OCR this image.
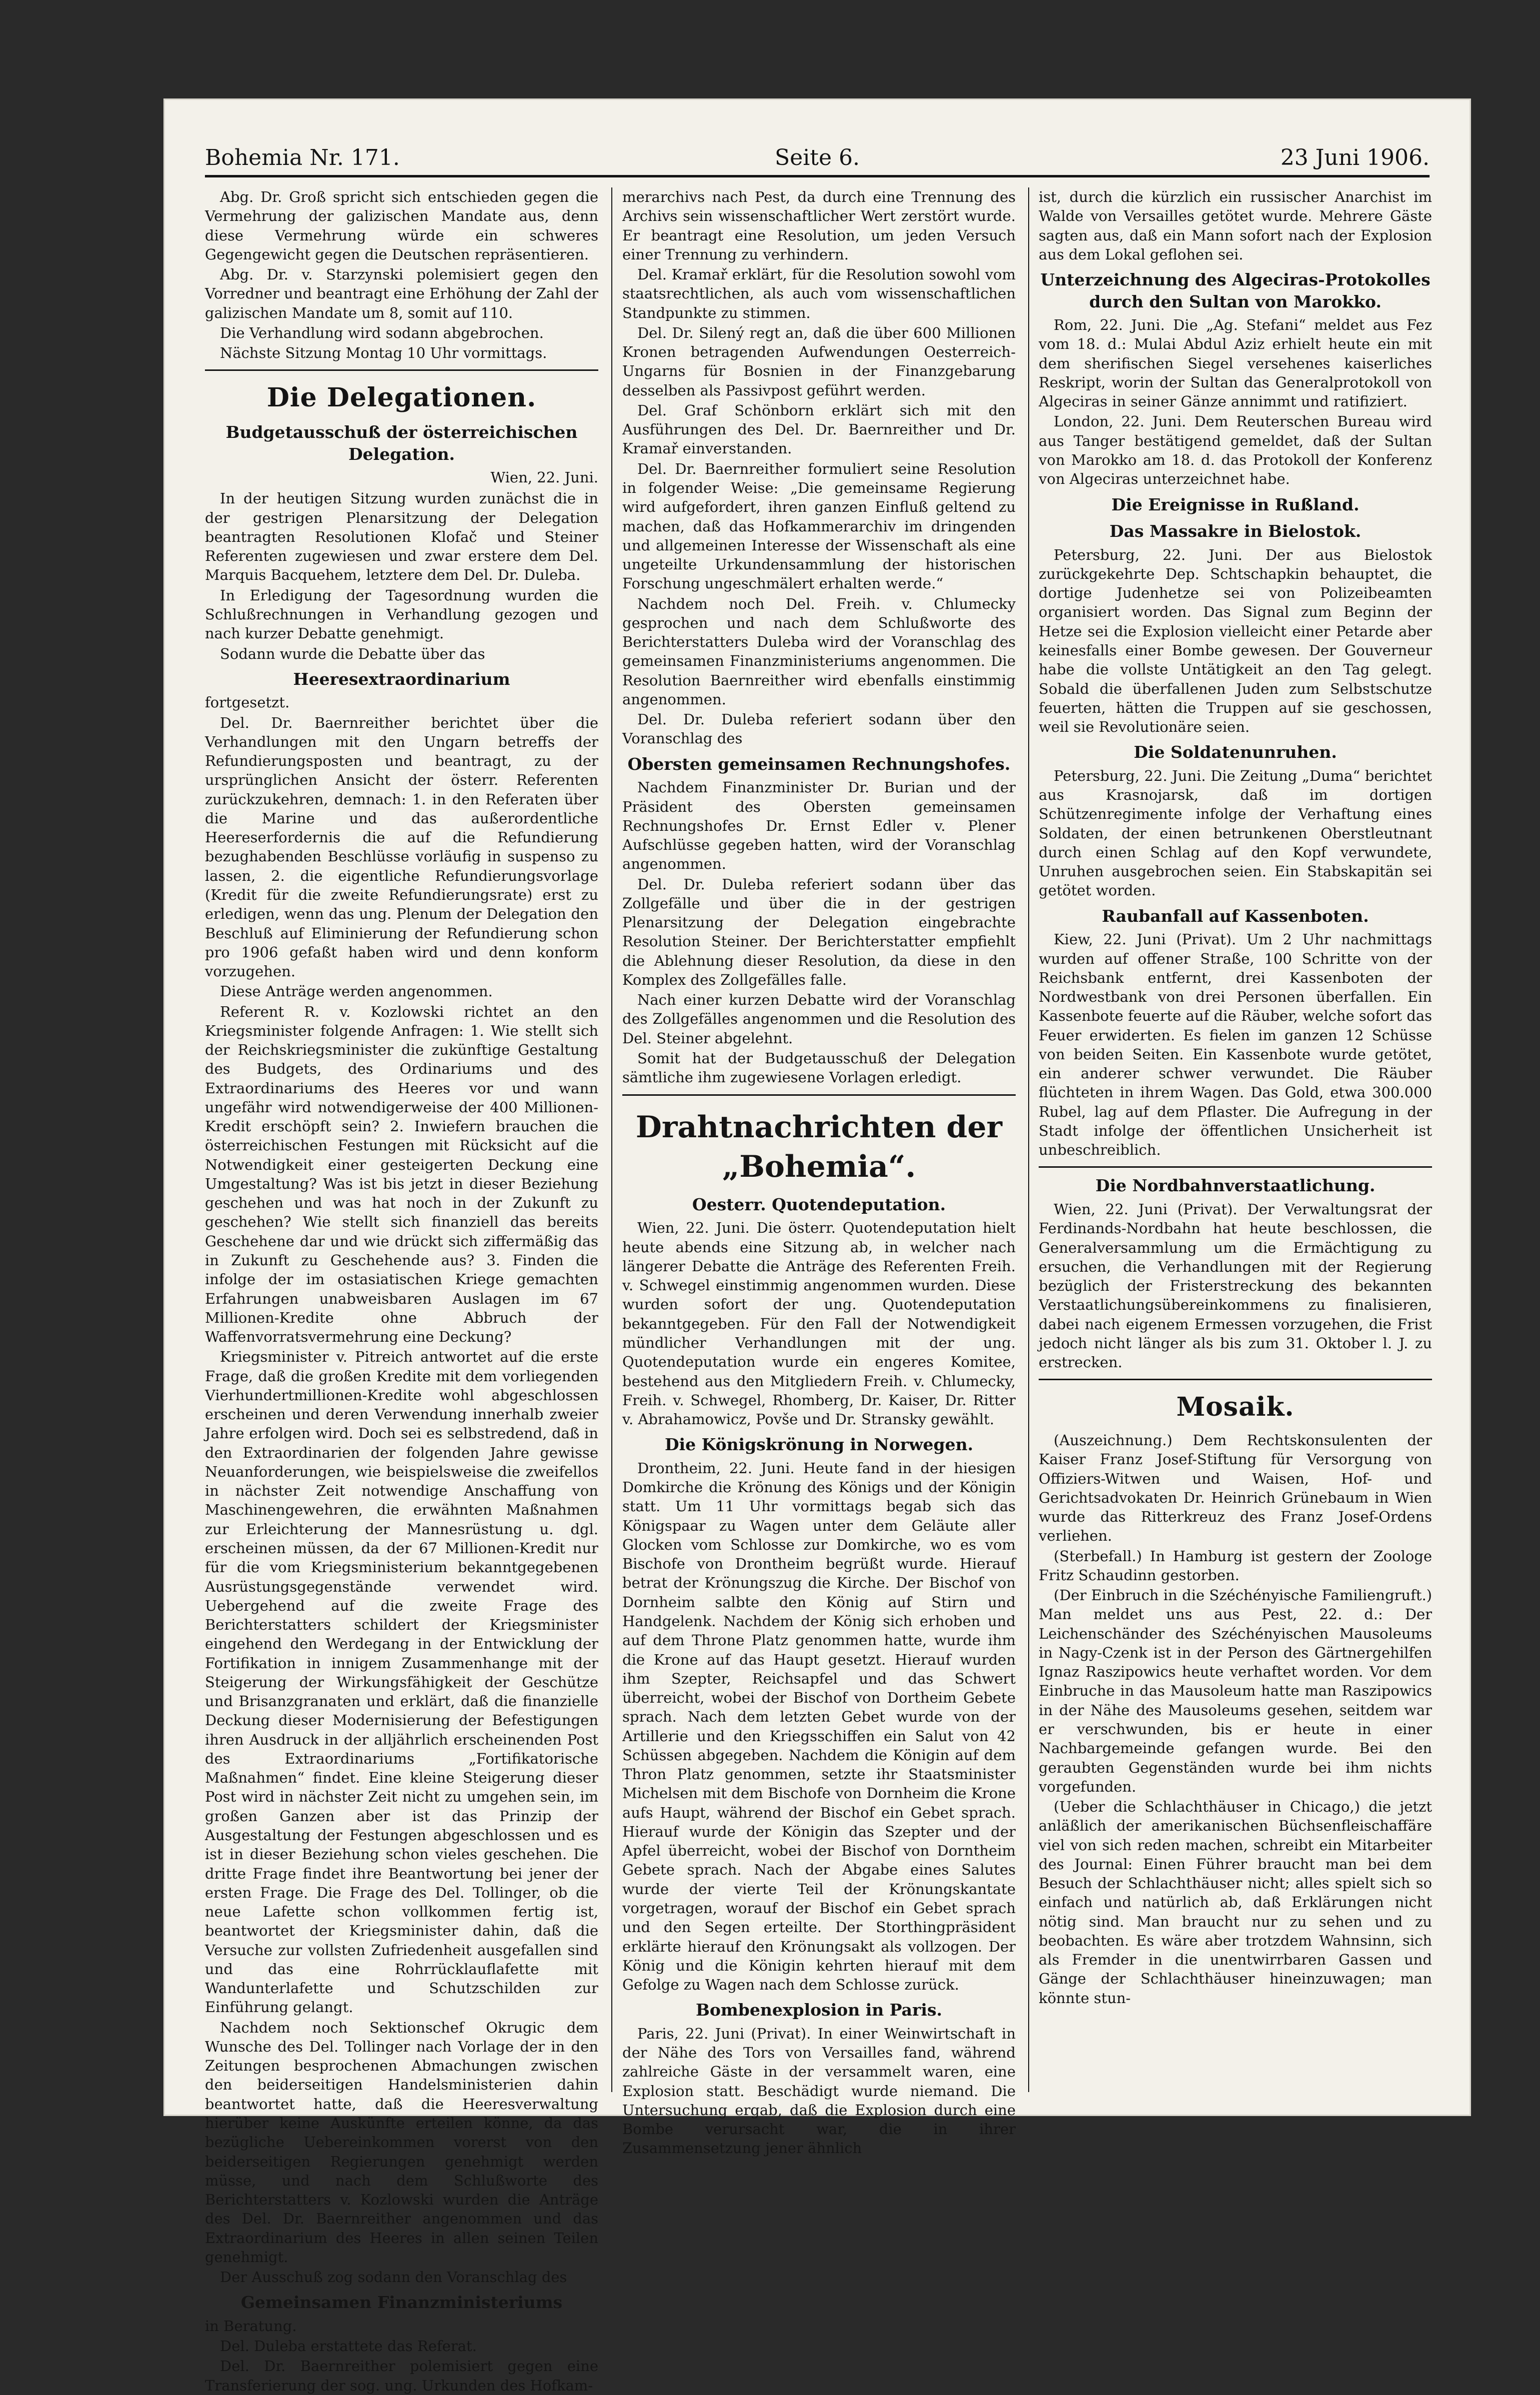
Bohemia Nr. 171.	Seite 6.	23 Juni 1906.

Abg. Dr. Groß spricht sich entschieden gegen die Vermehrung der galizischen Mandate aus, denn diese Vermehrung würde ein schweres Gegengewicht gegen die Deutschen repräsentieren.

Abg. Dr. v. Starzynski polemisiert gegen den Vorredner und beantragt eine Erhöhung der Zahl der galizischen Mandate um 8, somit auf 110.

Die Verhandlung wird sodann abgebrochen.

Nächste Sitzung Montag 10 Uhr vormittags.

Die Delegationen.
Budgetausschuß der österreichischen Delegation.
Wien, 22. Juni.

In der heutigen Sitzung wurden zunächst die in der gestrigen Plenarsitzung der Delegation beantragten Resolutionen Klofač und Steiner Referenten zugewiesen und zwar erstere dem Del. Marquis Bacquehem, letztere dem Del. Dr. Duleba.

In Erledigung der Tagesordnung wurden die Schlußrechnungen in Verhandlung gezogen und nach kurzer Debatte genehmigt.

Sodann wurde die Debatte über das

Heeresextraordinarium

fortgesetzt.

Del. Dr. Baernreither berichtet über die Verhandlungen mit den Ungarn betreffs der Refundierungsposten und beantragt, zu der ursprünglichen Ansicht der österr. Referenten zurückzukehren, demnach: 1. in den Referaten über die Marine und das außerordentliche Heereserfordernis die auf die Refundierung bezughabenden Beschlüsse vorläufig in suspenso zu lassen, 2. die eigentliche Refundierungsvorlage (Kredit für die zweite Refundierungsrate) erst zu erledigen, wenn das ung. Plenum der Delegation den Beschluß auf Eliminierung der Refundierung schon pro 1906 gefaßt haben wird und denn konform vorzugehen.

Diese Anträge werden angenommen.

Referent R. v. Kozlowski richtet an den Kriegsminister folgende Anfragen: 1. Wie stellt sich der Reichskriegsminister die zukünftige Gestaltung des Budgets, des Ordinariums und des Extraordinariums des Heeres vor und wann ungefähr wird notwendigerweise der 400 Millionen-Kredit erschöpft sein? 2. Inwiefern brauchen die österreichischen Festungen mit Rücksicht auf die Notwendigkeit einer gesteigerten Deckung eine Umgestaltung? Was ist bis jetzt in dieser Beziehung geschehen und was hat noch in der Zukunft zu geschehen? Wie stellt sich finanziell das bereits Geschehene dar und wie drückt sich ziffermäßig das in Zukunft zu Geschehende aus? 3. Finden die infolge der im ostasiatischen Kriege gemachten Erfahrungen unabweisbaren Auslagen im 67 Millionen-Kredite ohne Abbruch der Waffenvorratsvermehrung eine Deckung?

Kriegsminister v. Pitreich antwortet auf die erste Frage, daß die großen Kredite mit dem vorliegenden Vierhundertmillionen-Kredite wohl abgeschlossen erscheinen und deren Verwendung innerhalb zweier Jahre erfolgen wird. Doch sei es selbstredend, daß in den Extraordinarien der folgenden Jahre gewisse Neuanforderungen, wie beispielsweise die zweifellos in nächster Zeit notwendige Anschaffung von Maschinengewehren, die erwähnten Maßnahmen zur Erleichterung der Mannesrüstung u. dgl. erscheinen müssen, da der 67 Millionen-Kredit nur für die vom Kriegsministerium bekanntgegebenen Ausrüstungsgegenstände verwendet wird. Uebergehend auf die zweite Frage des Berichterstatters schildert der Kriegsminister eingehend den Werdegang in der Entwicklung der Fortifikation in innigem Zusammenhange mit der Steigerung der Wirkungsfähigkeit der Geschütze und Brisanzgranaten und erklärt, daß die finanzielle Deckung dieser Modernisierung der Befestigungen ihren Ausdruck in der alljährlich erscheinenden Post des Extraordinariums „Fortifikatorische Maßnahmen“ findet. Eine kleine Steigerung dieser Post wird in nächster Zeit nicht zu umgehen sein, im großen Ganzen aber ist das Prinzip der Ausgestaltung der Festungen abgeschlossen und es ist in dieser Beziehung schon vieles geschehen. Die dritte Frage findet ihre Beantwortung bei jener der ersten Frage. Die Frage des Del. Tollinger, ob die neue Lafette schon vollkommen fertig ist, beantwortet der Kriegsminister dahin, daß die Versuche zur vollsten Zufriedenheit ausgefallen sind und das eine Rohrrücklauflafette mit Wandunterlafette und Schutzschilden zur Einführung gelangt.

Nachdem noch Sektionschef Okrugic dem Wunsche des Del. Tollinger nach Vorlage der in den Zeitungen besprochenen Abmachungen zwischen den beiderseitigen Handelsministerien dahin beantwortet hatte, daß die Heeresverwaltung hierüber keine Auskünfte erteilen könne, da das bezügliche Uebereinkommen vorerst von den beiderseitigen Regierungen genehmigt werden müsse, und nach dem Schlußworte des Berichterstatters v. Kozlowski wurden die Anträge des Del. Dr. Baernreither angenommen und das Extraordinarium des Heeres in allen seinen Teilen genehmigt.

Der Ausschuß zog sodann den Voranschlag des

Gemeinsamen Finanzministeriums

in Beratung.

Del. Duleba erstattete das Referat.

Del. Dr. Baernreither polemisiert gegen eine Transferierung der sog. ung. Urkunden des Hofkam-

merarchivs nach Pest, da durch eine Trennung des Archivs sein wissenschaftlicher Wert zerstört wurde. Er beantragt eine Resolution, um jeden Versuch einer Trennung zu verhindern.

Del. Kramař erklärt, für die Resolution sowohl vom staatsrechtlichen, als auch vom wissenschaftlichen Standpunkte zu stimmen.

Del. Dr. Silený regt an, daß die über 600 Millionen Kronen betragenden Aufwendungen Oesterreich-Ungarns für Bosnien in der Finanzgebarung desselben als Passivpost geführt werden.

Del. Graf Schönborn erklärt sich mit den Ausführungen des Del. Dr. Baernreither und Dr. Kramař einverstanden.

Del. Dr. Baernreither formuliert seine Resolution in folgender Weise: „Die gemeinsame Regierung wird aufgefordert, ihren ganzen Einfluß geltend zu machen, daß das Hofkammerarchiv im dringenden und allgemeinen Interesse der Wissenschaft als eine ungeteilte Urkundensammlung der historischen Forschung ungeschmälert erhalten werde.“

Nachdem noch Del. Freih. v. Chlumecky gesprochen und nach dem Schlußworte des Berichterstatters Duleba wird der Voranschlag des gemeinsamen Finanzministeriums angenommen. Die Resolution Baernreither wird ebenfalls einstimmig angenommen.

Del. Dr. Duleba referiert sodann über den Voranschlag des

Obersten gemeinsamen Rechnungshofes.

Nachdem Finanzminister Dr. Burian und der Präsident des Obersten gemeinsamen Rechnungshofes Dr. Ernst Edler v. Plener Aufschlüsse gegeben hatten, wird der Voranschlag angenommen.

Del. Dr. Duleba referiert sodann über das Zollgefälle und über die in der gestrigen Plenarsitzung der Delegation eingebrachte Resolution Steiner. Der Berichterstatter empfiehlt die Ablehnung dieser Resolution, da diese in den Komplex des Zollgefälles falle.

Nach einer kurzen Debatte wird der Voranschlag des Zollgefälles angenommen und die Resolution des Del. Steiner abgelehnt.

Somit hat der Budgetausschuß der Delegation sämtliche ihm zugewiesene Vorlagen erledigt.

Drahtnachrichten der „Bohemia“.
Oesterr. Quotendeputation.

Wien, 22. Juni. Die österr. Quotendeputation hielt heute abends eine Sitzung ab, in welcher nach längerer Debatte die Anträge des Referenten Freih. v. Schwegel einstimmig angenommen wurden. Diese wurden sofort der ung. Quotendeputation bekanntgegeben. Für den Fall der Notwendigkeit mündlicher Verhandlungen mit der ung. Quotendeputation wurde ein engeres Komitee, bestehend aus den Mitgliedern Freih. v. Chlumecky, Freih. v. Schwegel, Rhomberg, Dr. Kaiser, Dr. Ritter v. Abrahamowicz, Povše und Dr. Stransky gewählt.

Die Königskrönung in Norwegen.

Drontheim, 22. Juni. Heute fand in der hiesigen Domkirche die Krönung des Königs und der Königin statt. Um 11 Uhr vormittags begab sich das Königspaar zu Wagen unter dem Geläute aller Glocken vom Schlosse zur Domkirche, wo es vom Bischofe von Drontheim begrüßt wurde. Hierauf betrat der Krönungszug die Kirche. Der Bischof von Dornheim salbte den König auf Stirn und Handgelenk. Nachdem der König sich erhoben und auf dem Throne Platz genommen hatte, wurde ihm die Krone auf das Haupt gesetzt. Hierauf wurden ihm Szepter, Reichsapfel und das Schwert überreicht, wobei der Bischof von Dortheim Gebete sprach. Nach dem letzten Gebet wurde von der Artillerie und den Kriegsschiffen ein Salut von 42 Schüssen abgegeben. Nachdem die Königin auf dem Thron Platz genommen, setzte ihr Staatsminister Michelsen mit dem Bischofe von Dornheim die Krone aufs Haupt, während der Bischof ein Gebet sprach. Hierauf wurde der Königin das Szepter und der Apfel überreicht, wobei der Bischof von Dorntheim Gebete sprach. Nach der Abgabe eines Salutes wurde der vierte Teil der Krönungskantate vorgetragen, worauf der Bischof ein Gebet sprach und den Segen erteilte. Der Storthingpräsident erklärte hierauf den Krönungsakt als vollzogen. Der König und die Königin kehrten hierauf mit dem Gefolge zu Wagen nach dem Schlosse zurück.

Bombenexplosion in Paris.

Paris, 22. Juni (Privat). In einer Weinwirtschaft in der Nähe des Tors von Versailles fand, während zahlreiche Gäste in der versammelt waren, eine Explosion statt. Beschädigt wurde niemand. Die Untersuchung ergab, daß die Explosion durch eine Bombe verursacht war, die in ihrer Zusammensetzung jener ähnlich

ist, durch die kürzlich ein russischer Anarchist im Walde von Versailles getötet wurde. Mehrere Gäste sagten aus, daß ein Mann sofort nach der Explosion aus dem Lokal geflohen sei.

Unterzeichnung des Algeciras-Protokolles durch den Sultan von Marokko.

Rom, 22. Juni. Die „Ag. Stefani“ meldet aus Fez vom 18. d.: Mulai Abdul Aziz erhielt heute ein mit dem sherifischen Siegel versehenes kaiserliches Reskript, worin der Sultan das Generalprotokoll von Algeciras in seiner Gänze annimmt und ratifiziert.

London, 22. Juni. Dem Reuterschen Bureau wird aus Tanger bestätigend gemeldet, daß der Sultan von Marokko am 18. d. das Protokoll der Konferenz von Algeciras unterzeichnet habe.

Die Ereignisse in Rußland.
Das Massakre in Bielostok.

Petersburg, 22. Juni. Der aus Bielostok zurückgekehrte Dep. Schtschapkin behauptet, die dortige Judenhetze sei von Polizeibeamten organisiert worden. Das Signal zum Beginn der Hetze sei die Explosion vielleicht einer Petarde aber keinesfalls einer Bombe gewesen. Der Gouverneur habe die vollste Untätigkeit an den Tag gelegt. Sobald die überfallenen Juden zum Selbstschutze feuerten, hätten die Truppen auf sie geschossen, weil sie Revolutionäre seien.

Die Soldatenunruhen.

Petersburg, 22. Juni. Die Zeitung „Duma“ berichtet aus Krasnojarsk, daß im dortigen Schützenregimente infolge der Verhaftung eines Soldaten, der einen betrunkenen Oberstleutnant durch einen Schlag auf den Kopf verwundete, Unruhen ausgebrochen seien. Ein Stabskapitän sei getötet worden.

Raubanfall auf Kassenboten.

Kiew, 22. Juni (Privat). Um 2 Uhr nachmittags wurden auf offener Straße, 100 Schritte von der Reichsbank entfernt, drei Kassenboten der Nordwestbank von drei Personen überfallen. Ein Kassenbote feuerte auf die Räuber, welche sofort das Feuer erwiderten. Es fielen im ganzen 12 Schüsse von beiden Seiten. Ein Kassenbote wurde getötet, ein anderer schwer verwundet. Die Räuber flüchteten in ihrem Wagen. Das Gold, etwa 300.000 Rubel, lag auf dem Pflaster. Die Aufregung in der Stadt infolge der öffentlichen Unsicherheit ist unbeschreiblich.

Die Nordbahnverstaatlichung.

Wien, 22. Juni (Privat). Der Verwaltungsrat der Ferdinands-Nordbahn hat heute beschlossen, die Generalversammlung um die Ermächtigung zu ersuchen, die Verhandlungen mit der Regierung bezüglich der Fristerstreckung des bekannten Verstaatlichungsübereinkommens zu finalisieren, dabei nach eigenem Ermessen vorzugehen, die Frist jedoch nicht länger als bis zum 31. Oktober l. J. zu erstrecken.

Mosaik.

(Auszeichnung.) Dem Rechtskonsulenten der Kaiser Franz Josef-Stiftung für Versorgung von Offiziers-Witwen und Waisen, Hof- und Gerichtsadvokaten Dr. Heinrich Grünebaum in Wien wurde das Ritterkreuz des Franz Josef-Ordens verliehen.

(Sterbefall.) In Hamburg ist gestern der Zoologe Fritz Schaudinn gestorben.

(Der Einbruch in die Széchényische Familiengruft.) Man meldet uns aus Pest, 22. d.: Der Leichenschänder des Széchényischen Mausoleums in Nagy-Czenk ist in der Person des Gärtnergehilfen Ignaz Raszipowics heute verhaftet worden. Vor dem Einbruche in das Mausoleum hatte man Raszipowics in der Nähe des Mausoleums gesehen, seitdem war er verschwunden, bis er heute in einer Nachbargemeinde gefangen wurde. Bei den geraubten Gegenständen wurde bei ihm nichts vorgefunden.

(Ueber die Schlachthäuser in Chicago,) die jetzt anläßlich der amerikanischen Büchsenfleischaffäre viel von sich reden machen, schreibt ein Mitarbeiter des Journal: Einen Führer braucht man bei dem Besuch der Schlachthäuser nicht; alles spielt sich so einfach und natürlich ab, daß Erklärungen nicht nötig sind. Man braucht nur zu sehen und zu beobachten. Es wäre aber trotzdem Wahnsinn, sich als Fremder in die unentwirrbaren Gassen und Gänge der Schlachthäuser hineinzuwagen; man könnte stun-
